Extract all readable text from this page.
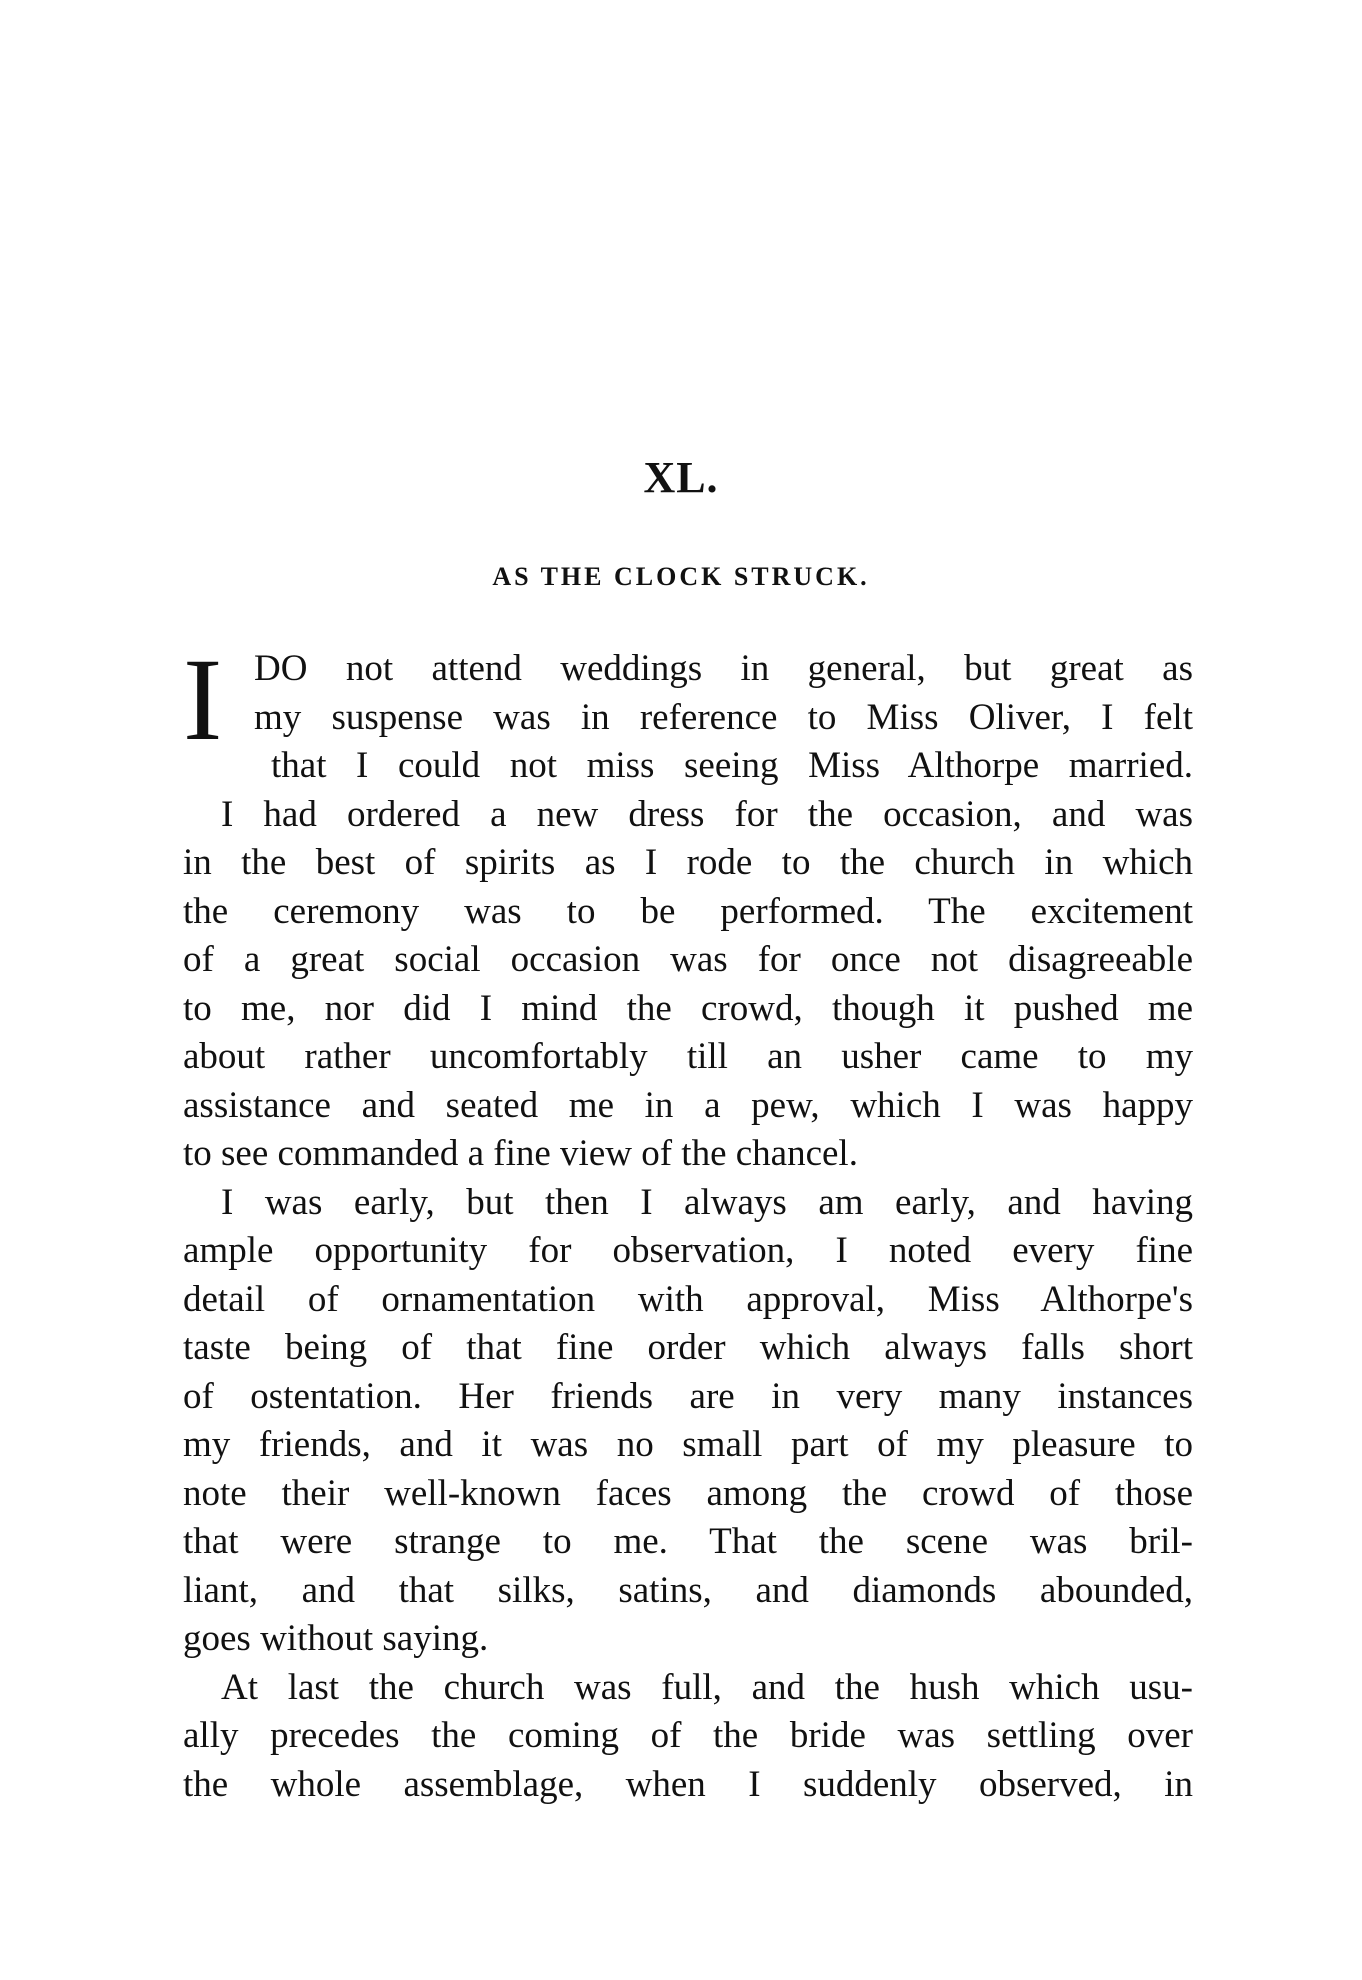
XL.
AS THE CLOCK STRUCK.
I DO not attend weddings in general, but great as
my suspense was in reference to Miss Oliver, I felt
that I could not miss seeing Miss Althorpe married.
I had ordered a new dress for the occasion, and was
in the best of spirits as I rode to the church in which
the ceremony was to be performed. The excitement
of a great social occasion was for once not disagreeable
to me, nor did I mind the crowd, though it pushed me
about rather uncomfortably till an usher came to my
assistance and seated me in a pew, which I was happy
to see commanded a fine view of the chancel.
I was early, but then I always am early, and having
ample opportunity for observation, I noted every fine
detail of ornamentation with approval, Miss Althorpe's
taste being of that fine order which always falls short
of ostentation. Her friends are in very many instances
my friends, and it was no small part of my pleasure to
note their well-known faces among the crowd of those
that were strange to me. That the scene was bril-
liant, and that silks, satins, and diamonds abounded,
goes without saying.
At last the church was full, and the hush which usu-
ally precedes the coming of the bride was settling over
the whole assemblage, when I suddenly observed, in
